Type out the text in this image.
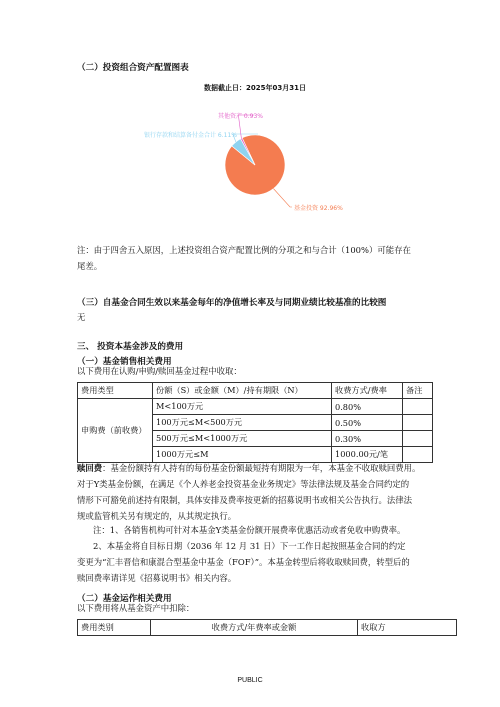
（二）投资组合资产配置图表
数据截止日：2025年03月31日
基金投资 92.96%
银行存款和结算备付金合计 6.11%
其他资产 0.93%
注：由于四舍五入原因，上述投资组合资产配置比例的分项之和与合计（100%）可能存在
尾差。
（三）自基金合同生效以来基金每年的净值增长率及与同期业绩比较基准的比较图
无
三、 投资本基金涉及的费用
（一）基金销售相关费用
以下费用在认购/申购/赎回基金过程中收取：
费用类型	份额（S）或金额（M）/持有期限（N）	收费方式/费率	备注
申购费（前收费）	M<100万元	0.80%	
	100万元≤M<500万元	0.50%	
	500万元≤M<1000万元	0.30%	
	1000万元≤M	1000.00元/笔	
赎回费：基金份额持有人持有的每份基金份额最短持有期限为一年，本基金不收取赎回费用。
对于Y类基金份额，在满足《个人养老金投资基金业务规定》等法律法规及基金合同约定的
情形下可豁免前述持有限制，具体安排及费率按更新的招募说明书或相关公告执行。法律法
规或监管机关另有规定的，从其规定执行。
注：1、各销售机构可针对本基金Y类基金份额开展费率优惠活动或者免收申购费率。
2、本基金将自目标日期（2036 年 12 月 31 日）下一工作日起按照基金合同的约定
变更为“汇丰晋信和康混合型基金中基金（FOF）”。本基金转型后将收取赎回费，转型后的
赎回费率请详见《招募说明书》相关内容。
（二）基金运作相关费用
以下费用将从基金资产中扣除：
费用类别	收费方式/年费率或金额	收取方
PUBLIC
